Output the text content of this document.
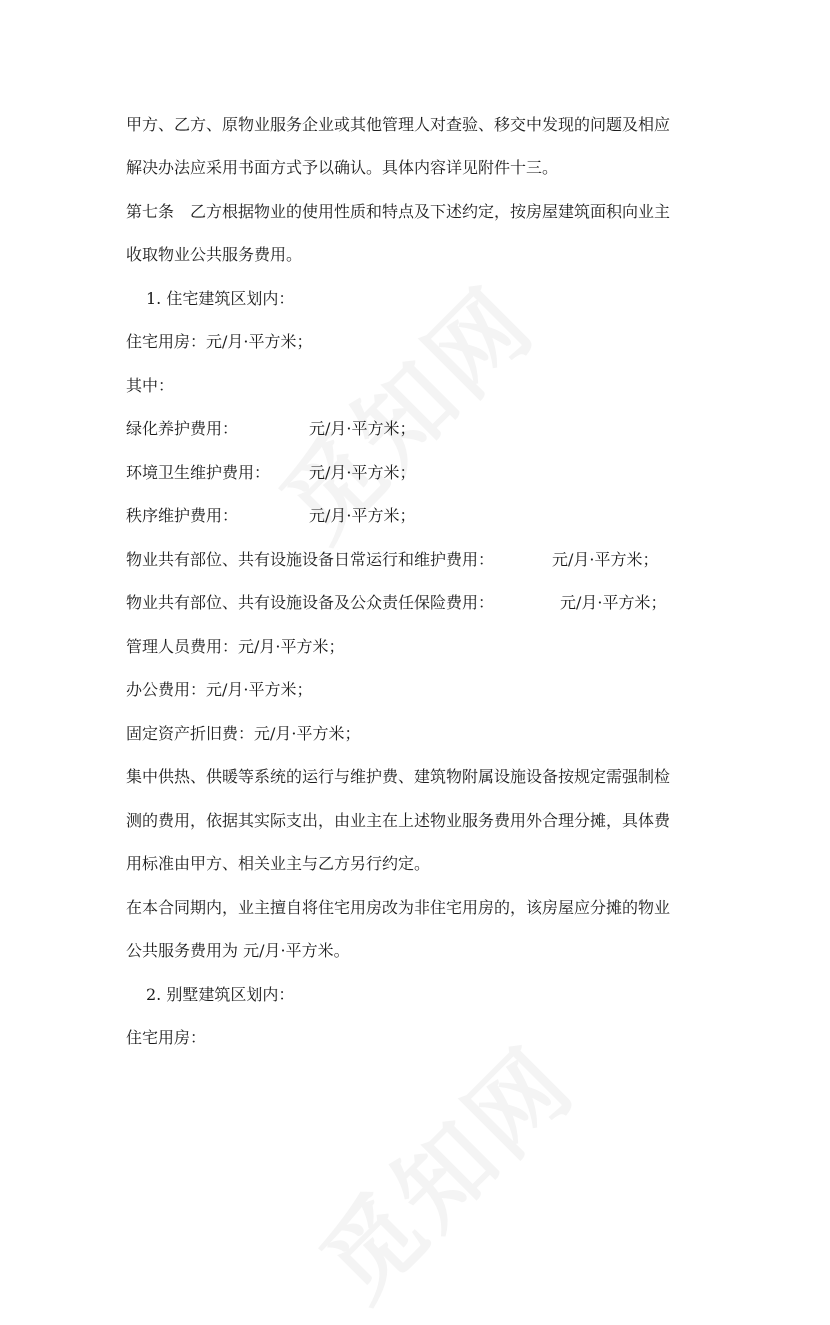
甲方、乙方、原物业服务企业或其他管理人对查验、移交中发现的问题及相应
解决办法应采用书面方式予以确认。具体内容详见附件十三。
第七条　乙方根据物业的使用性质和特点及下述约定，按房屋建筑面积向业主
收取物业公共服务费用。
1. 住宅建筑区划内：
住宅用房：元/月·平方米；
其中：
绿化养护费用：	元/月·平方米；
环境卫生维护费用： 元/月·平方米；
秩序维护费用：	元/月·平方米；
物业共有部位、共有设施设备日常运行和维护费用：	元/月·平方米；
物业共有部位、共有设施设备及公众责任保险费用：	元/月·平方米；
管理人员费用：元/月·平方米；
办公费用：元/月·平方米；
固定资产折旧费：元/月·平方米；
集中供热、供暖等系统的运行与维护费、建筑物附属设施设备按规定需强制检
测的费用，依据其实际支出，由业主在上述物业服务费用外合理分摊，具体费
用标准由甲方、相关业主与乙方另行约定。
在本合同期内，业主擅自将住宅用房改为非住宅用房的，该房屋应分摊的物业
公共服务费用为 元/月·平方米。
2. 别墅建筑区划内：
住宅用房：
